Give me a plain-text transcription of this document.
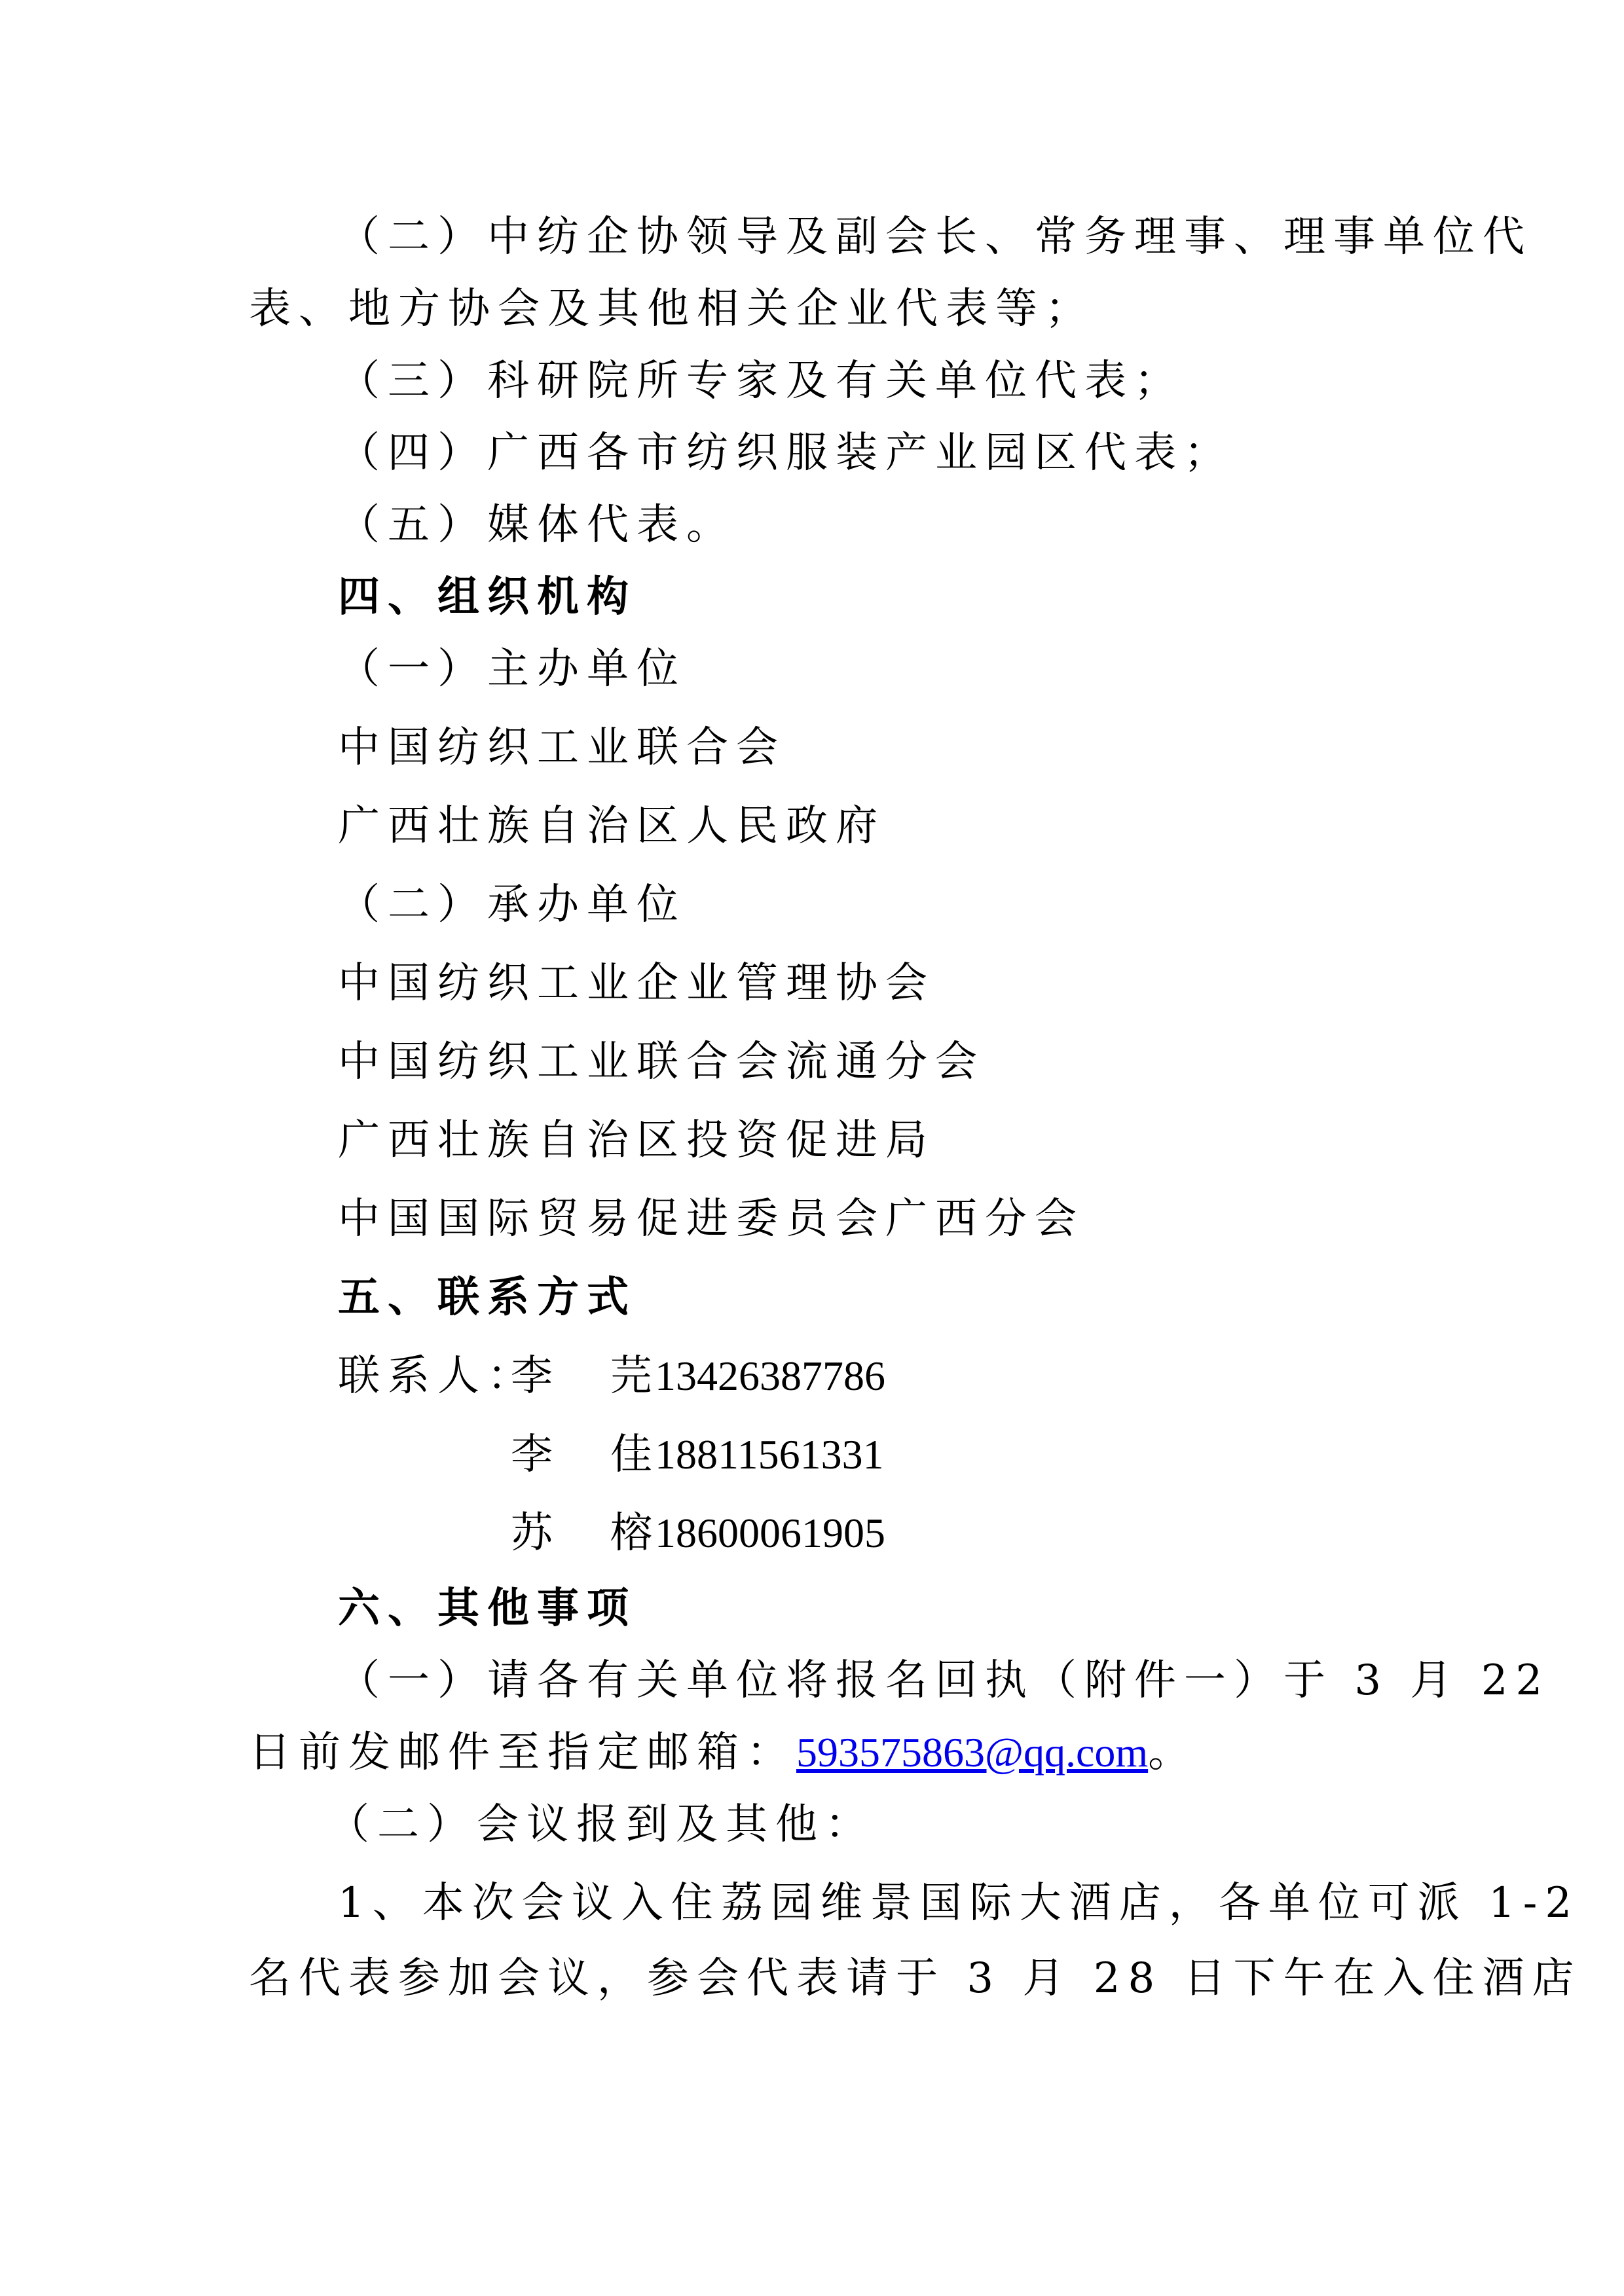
（二）中纺企协领导及副会长、常务理事、理事单位代
表、地方协会及其他相关企业代表等；
（三）科研院所专家及有关单位代表；
（四）广西各市纺织服装产业园区代表；
（五）媒体代表。
四、组织机构
（一）主办单位
中国纺织工业联合会
广西壮族自治区人民政府
（二）承办单位
中国纺织工业企业管理协会
中国纺织工业联合会流通分会
广西壮族自治区投资促进局
中国国际贸易促进委员会广西分会
五、联系方式
联系人：
李　芫
13426387786
李　佳
18811561331
苏　榕
18600061905
六、其他事项
（一）请各有关单位将报名回执（附件一）于 3 月 22
日前发邮件至指定邮箱：593575863@qq.com。
（二）会议报到及其他：
1、本次会议入住荔园维景国际大酒店，各单位可派 1-2
名代表参加会议，参会代表请于 3 月 28 日下午在入住酒店
